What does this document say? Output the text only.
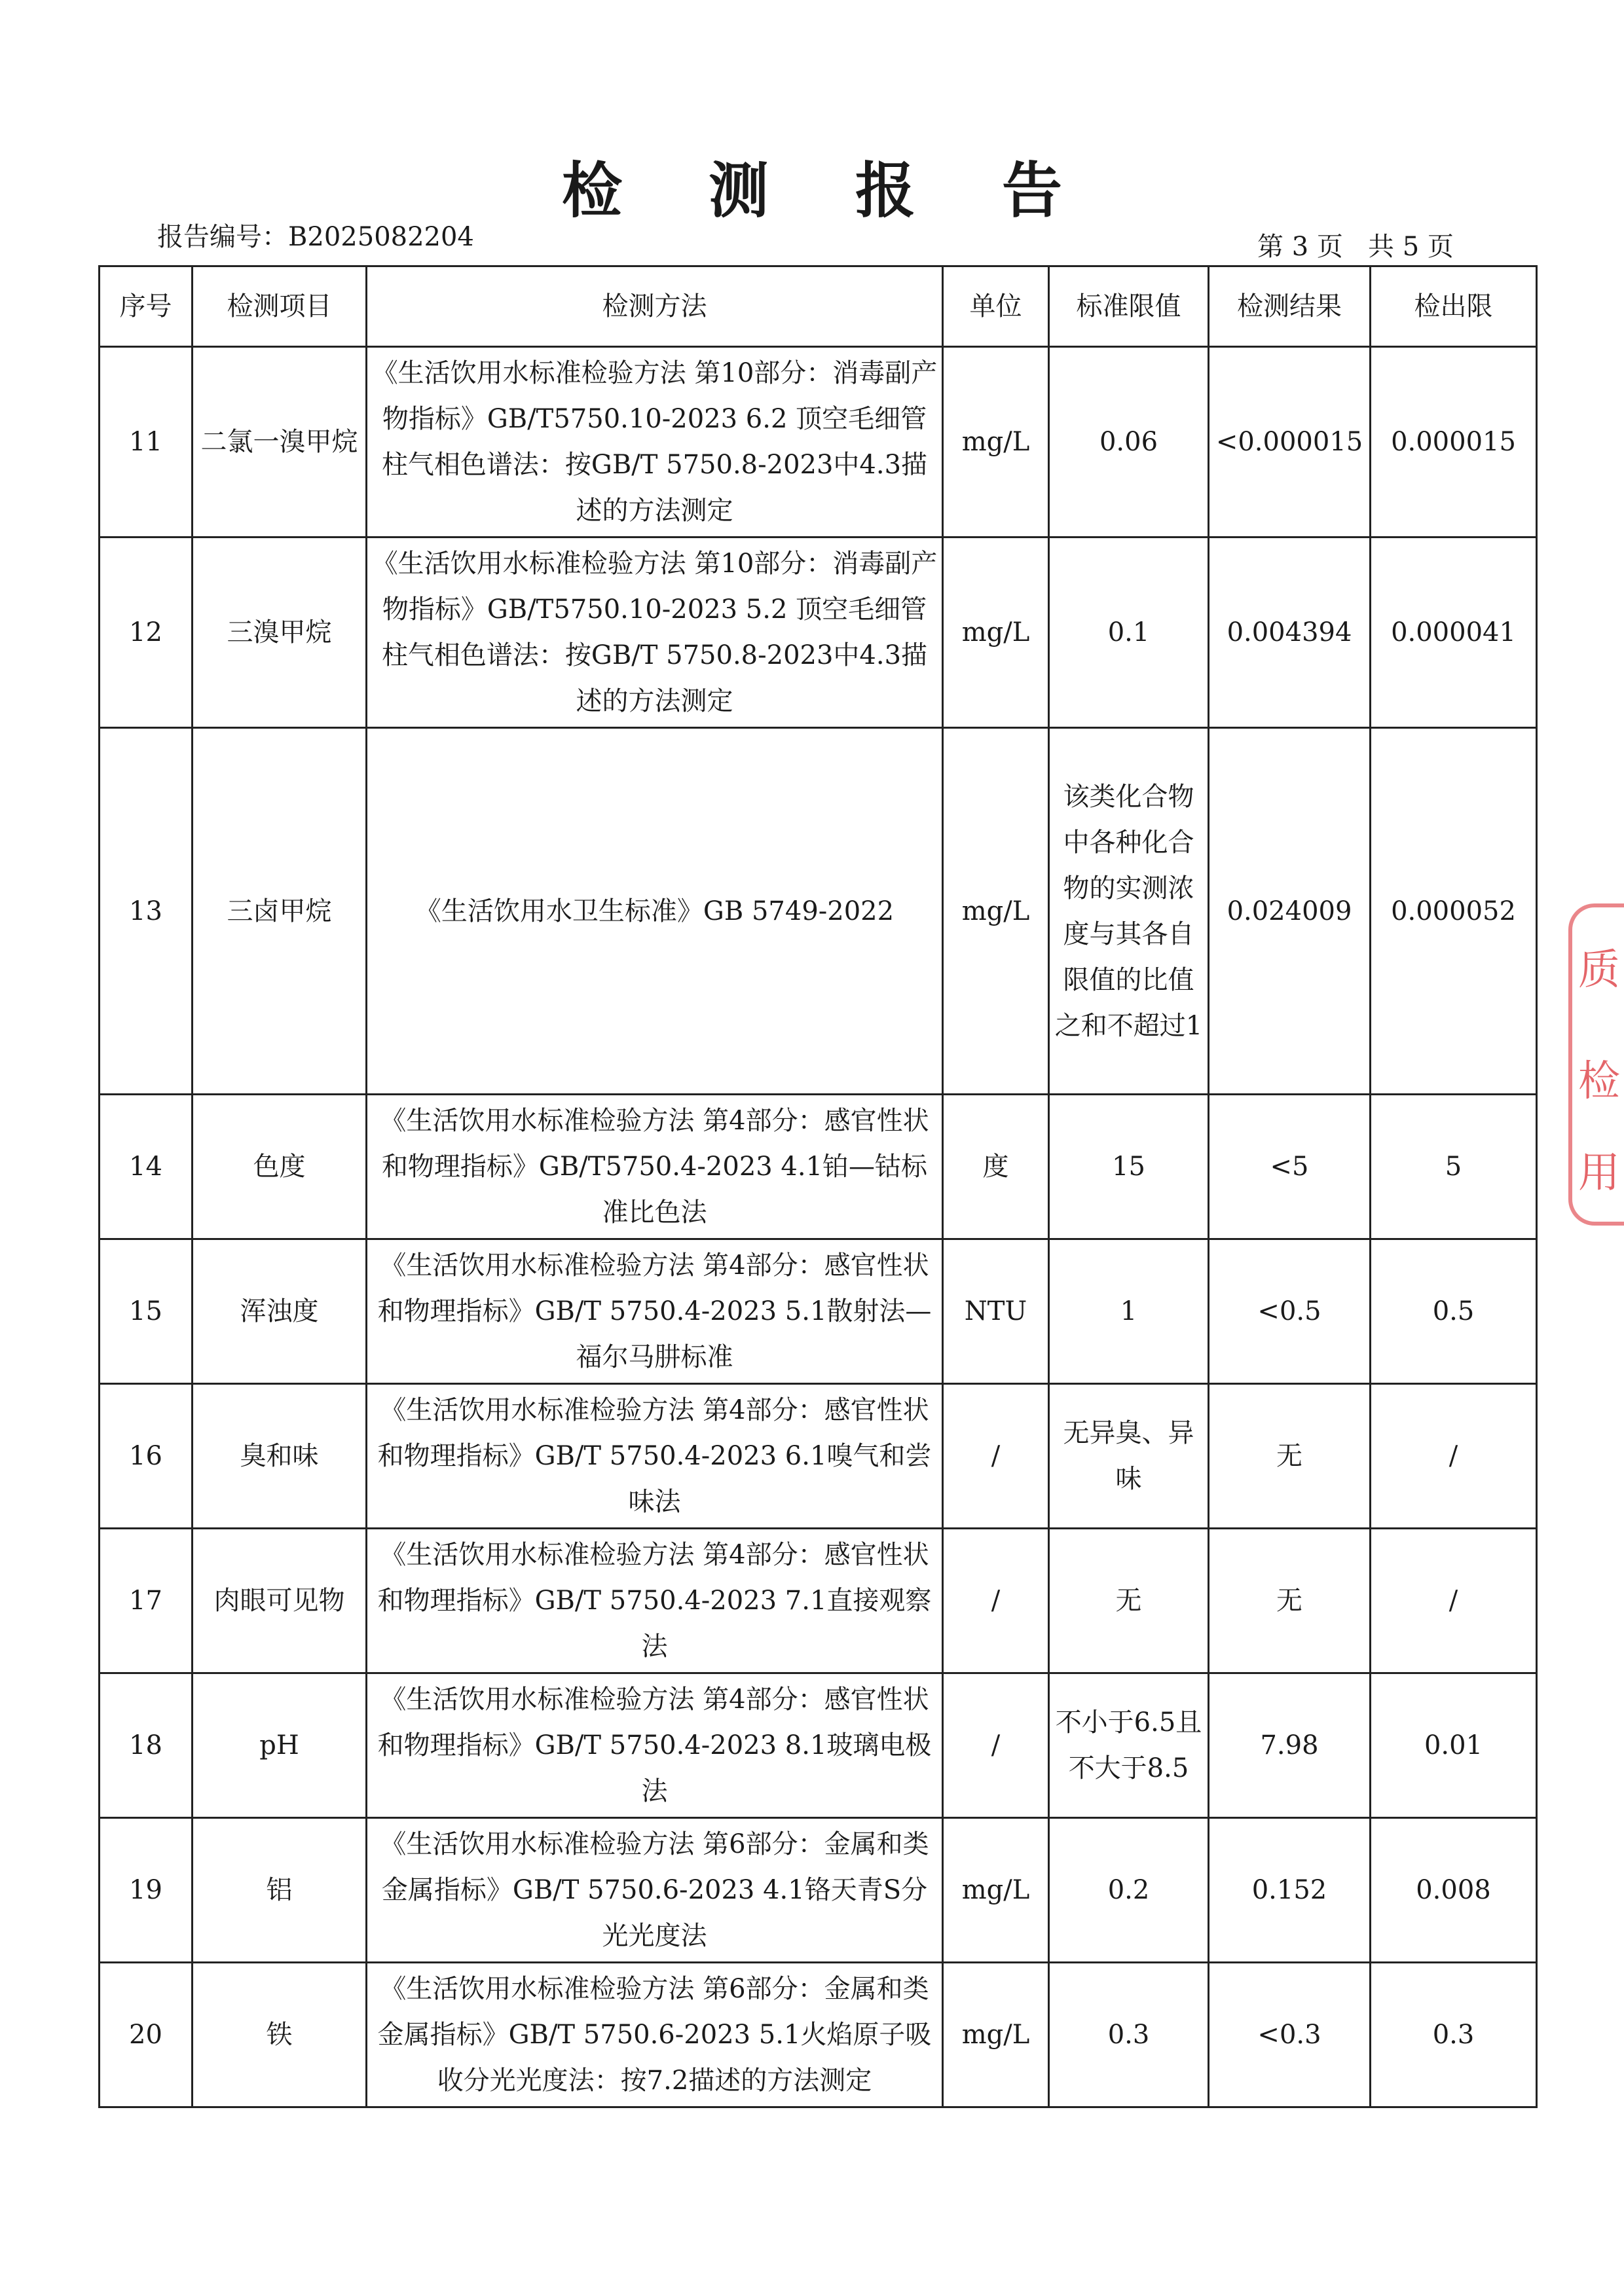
检 测 报 告
报告编号：B2025082204	第 3 页   共 5 页
序号	检测项目	检测方法	单位	标准限值	检测结果	检出限
11	二氯一溴甲烷	《生活饮用水标准检验方法 第10部分：消毒副产物指标》GB/T5750.10-2023 6.2 顶空毛细管柱气相色谱法：按GB/T 5750.8-2023中4.3描述的方法测定	mg/L	0.06	<0.000015	0.000015
12	三溴甲烷	《生活饮用水标准检验方法 第10部分：消毒副产物指标》GB/T5750.10-2023 5.2 顶空毛细管柱气相色谱法：按GB/T 5750.8-2023中4.3描述的方法测定	mg/L	0.1	0.004394	0.000041
13	三卤甲烷	《生活饮用水卫生标准》GB 5749-2022	mg/L	该类化合物中各种化合物的实测浓度与其各自限值的比值之和不超过1	0.024009	0.000052
14	色度	《生活饮用水标准检验方法 第4部分：感官性状和物理指标》GB/T5750.4-2023 4.1铂—钴标准比色法	度	15	<5	5
15	浑浊度	《生活饮用水标准检验方法 第4部分：感官性状和物理指标》GB/T 5750.4-2023 5.1散射法—福尔马肼标准	NTU	1	<0.5	0.5
16	臭和味	《生活饮用水标准检验方法 第4部分：感官性状和物理指标》GB/T 5750.4-2023 6.1嗅气和尝味法	/	无异臭、异味	无	/
17	肉眼可见物	《生活饮用水标准检验方法 第4部分：感官性状和物理指标》GB/T 5750.4-2023 7.1直接观察法	/	无	无	/
18	pH	《生活饮用水标准检验方法 第4部分：感官性状和物理指标》GB/T 5750.4-2023 8.1玻璃电极法	/	不小于6.5且不大于8.5	7.98	0.01
19	铝	《生活饮用水标准检验方法 第6部分：金属和类金属指标》GB/T 5750.6-2023 4.1铬天青S分光光度法	mg/L	0.2	0.152	0.008
20	铁	《生活饮用水标准检验方法 第6部分：金属和类金属指标》GB/T 5750.6-2023 5.1火焰原子吸收分光光度法：按7.2描述的方法测定	mg/L	0.3	<0.3	0.3
质
检
用
